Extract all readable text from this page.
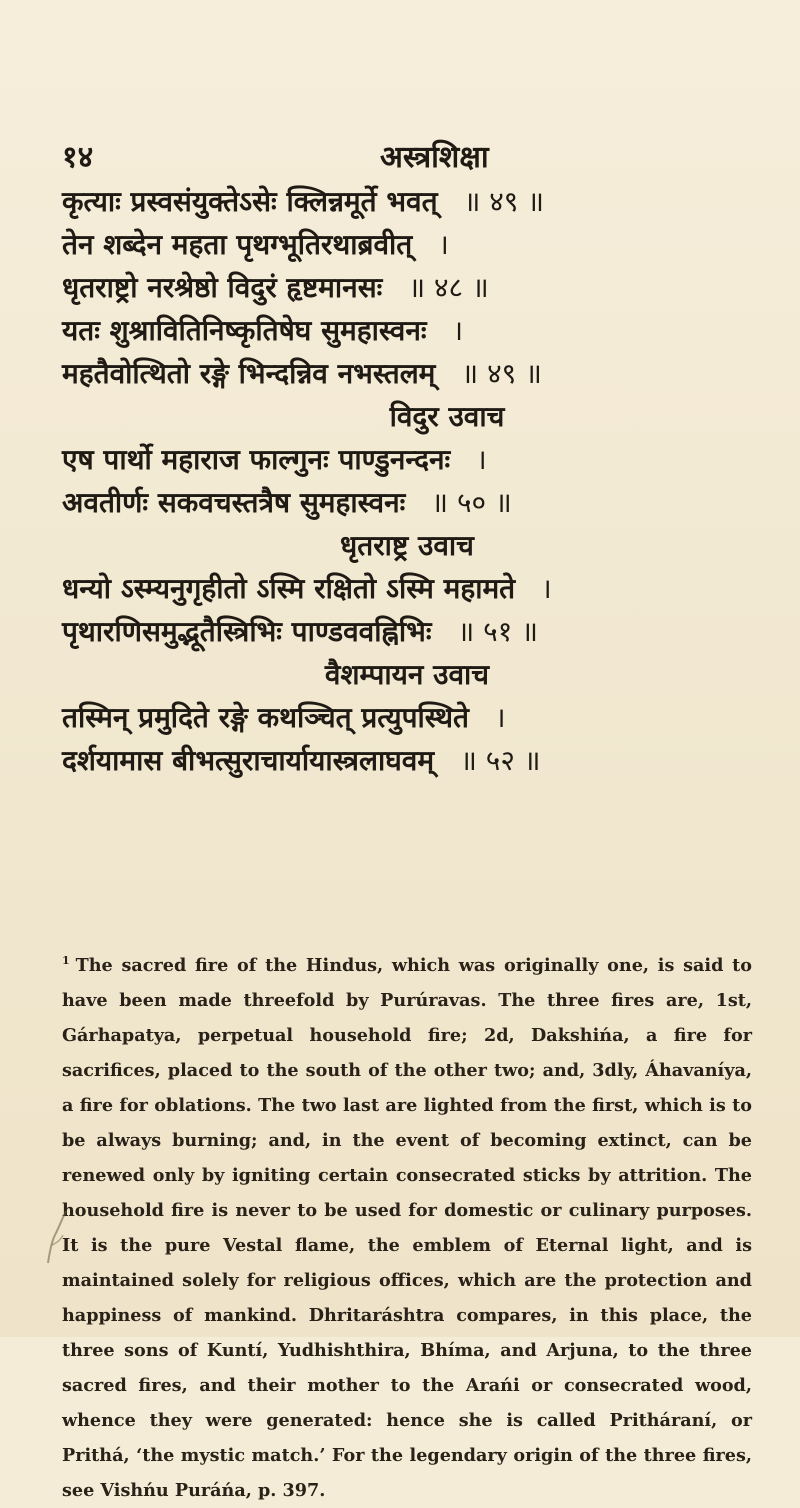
१४	अस्त्रशिक्षा
कृत्याः प्रस्वसंयुक्तेऽसेः क्लिन्नमूर्ते भवत् ॥ ४९ ॥
तेन शब्देन महता पृथग्भूतिरथाब्रवीत् ।
धृतराष्ट्रो नरश्रेष्ठो विदुरं हृष्टमानसः ॥ ४८ ॥
यतः शुश्रावितिनिष्कृतिषेघ सुमहास्वनः ।
महतैवोत्थितो रङ्गे भिन्दन्निव नभस्तलम् ॥ ४९ ॥
विदुर उवाच
एष पार्थो महाराज फाल्गुनः पाण्डुनन्दनः ।
अवतीर्णः सकवचस्तत्रैष सुमहास्वनः ॥ ५० ॥
धृतराष्ट्र उवाच
धन्यो ऽस्म्यनुगृहीतो ऽस्मि रक्षितो ऽस्मि महामते ।
पृथारणिसमुद्भूतैस्त्रिभिः पाण्डववह्निभिः ॥ ५१ ॥
वैशम्पायन उवाच
तस्मिन् प्रमुदिते रङ्गे कथञ्चित् प्रत्युपस्थिते ।
दर्शयामास बीभत्सुराचार्यायास्त्रलाघवम् ॥ ५२ ॥
$^1$ The sacred fire of the Hindus, which was originally one, is said to have been made threefold by Purúravas. The three fires are, 1st, Gárhapatya, perpetual household fire; 2d, Dakshińa, a fire for sacrifices, placed to the south of the other two; and, 3dly, Áhavaníya, a fire for oblations. The two last are lighted from the first, which is to be always burning; and, in the event of becoming extinct, can be renewed only by igniting certain consecrated sticks by attrition. The household fire is never to be used for domestic or culinary purposes. It is the pure Vestal flame, the emblem of Eternal light, and is maintained solely for religious offices, which are the protection and happiness of mankind. Dhritaráshtra compares, in this place, the three sons of Kuntí, Yudhishthira, Bhíma, and Arjuna, to the three sacred fires, and their mother to the Arańi or consecrated wood, whence they were generated: hence she is called Pritháraní, or Prithá, ‘the mystic match.’ For the legendary origin of the three fires, see Vishńu Puráńa, p. 397.
